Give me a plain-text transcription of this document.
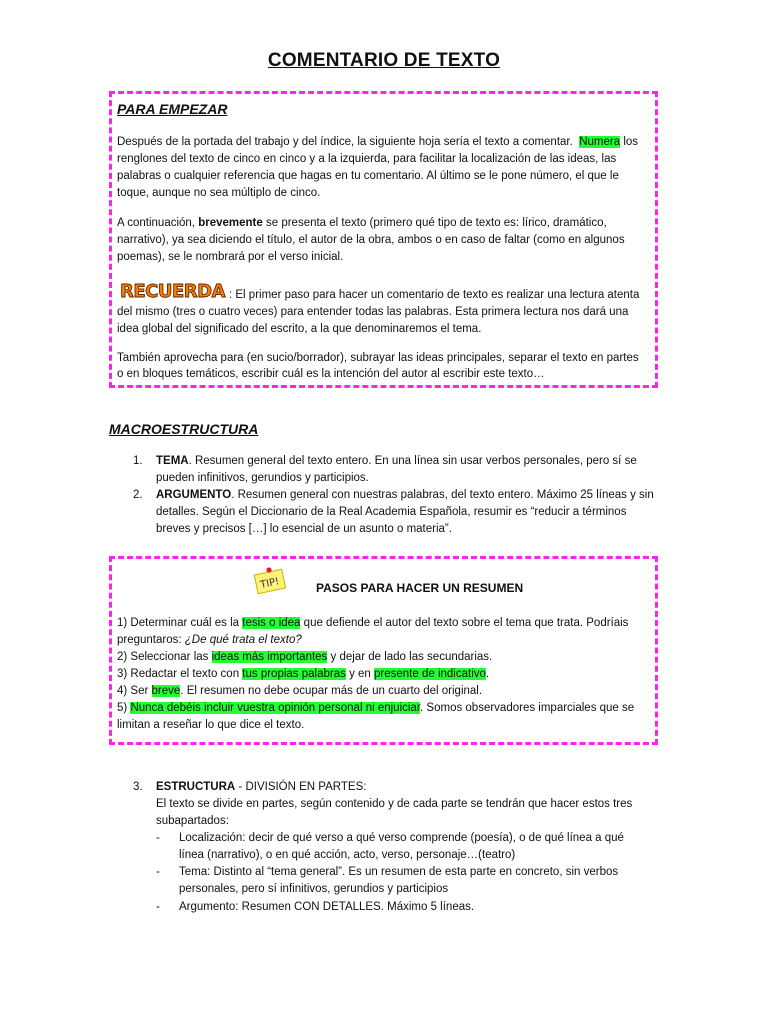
COMENTARIO DE TEXTO
PARA EMPEZAR
Después de la portada del trabajo y del índice, la siguiente hoja sería el texto a comentar. Numera los
renglones del texto de cinco en cinco y a la izquierda, para facilitar la localización de las ideas, las
palabras o cualquier referencia que hagas en tu comentario. Al último se le pone número, el que le
toque, aunque no sea múltiplo de cinco.
A continuación, brevemente se presenta el texto (primero qué tipo de texto es: lírico, dramático,
narrativo), ya sea diciendo el título, el autor de la obra, ambos o en caso de faltar (como en algunos
poemas), se le nombrará por el verso inicial.
RECUERDA : El primer paso para hacer un comentario de texto es realizar una lectura atenta
del mismo (tres o cuatro veces) para entender todas las palabras. Esta primera lectura nos dará una
idea global del significado del escrito, a la que denominaremos el tema.
También aprovecha para (en sucio/borrador), subrayar las ideas principales, separar el texto en partes
o en bloques temáticos, escribir cuál es la intención del autor al escribir este texto…
MACROESTRUCTURA
1. TEMA. Resumen general del texto entero. En una línea sin usar verbos personales, pero sí se
pueden infinitivos, gerundios y participios.
2. ARGUMENTO. Resumen general con nuestras palabras, del texto entero. Máximo 25 líneas y sin
detalles. Según el Diccionario de la Real Academia Española, resumir es “reducir a términos
breves y precisos […] lo esencial de un asunto o materia”.
TIP!	PASOS PARA HACER UN RESUMEN
1) Determinar cuál es la tesis o idea que defiende el autor del texto sobre el tema que trata. Podríais
preguntaros: ¿De qué trata el texto?
2) Seleccionar las ideas más importantes y dejar de lado las secundarias.
3) Redactar el texto con tus propias palabras y en presente de indicativo.
4) Ser breve. El resumen no debe ocupar más de un cuarto del original.
5) Nunca debéis incluir vuestra opinión personal ni enjuiciar. Somos observadores imparciales que se
limitan a reseñar lo que dice el texto.
3. ESTRUCTURA - DIVISIÓN EN PARTES:
El texto se divide en partes, según contenido y de cada parte se tendrán que hacer estos tres
subapartados:
- Localización: decir de qué verso a qué verso comprende (poesía), o de qué línea a qué
línea (narrativo), o en qué acción, acto, verso, personaje…(teatro)
- Tema: Distinto al “tema general”. Es un resumen de esta parte en concreto, sin verbos
personales, pero sí infinitivos, gerundios y participios
- Argumento: Resumen CON DETALLES. Máximo 5 líneas.
